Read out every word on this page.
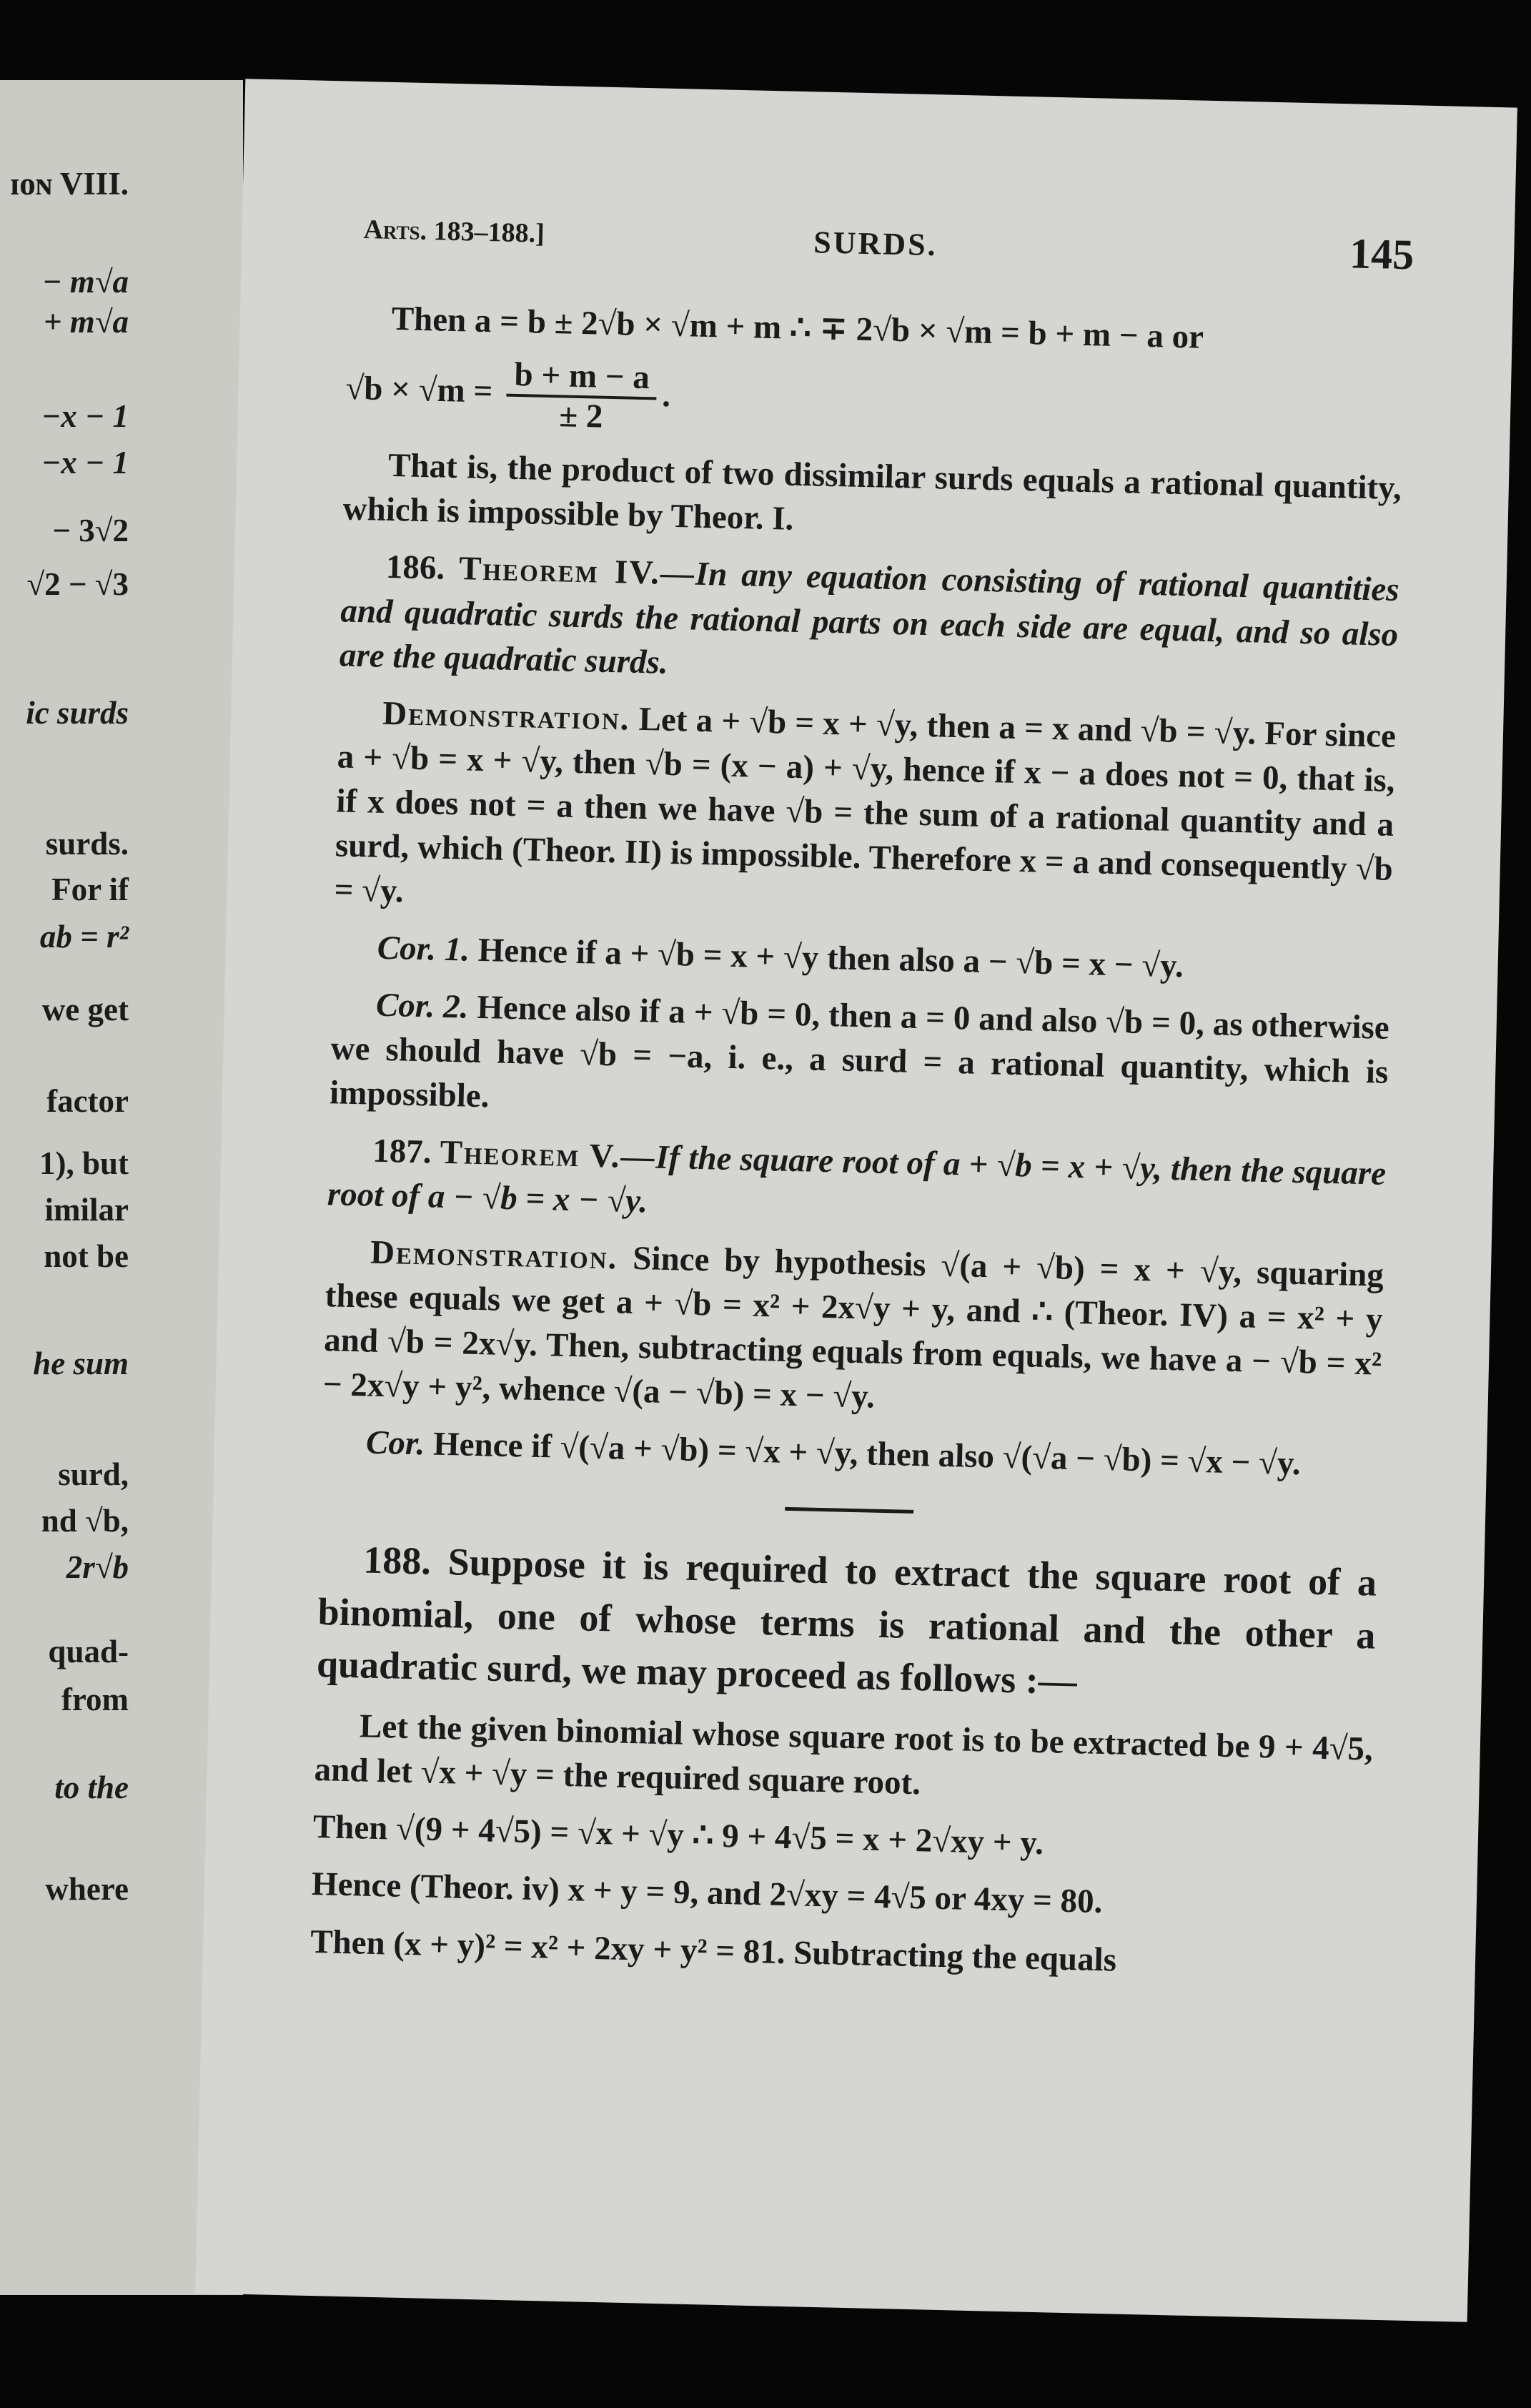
ɪᴏɴ VIII.
− m√a
+ m√a
−x − 1
−x − 1
− 3√2
√2 − √3
ic surds
surds.
For if
ab = r²
we get
factor
1), but
imilar
not be
he sum
surd,
nd √b,
2r√b
quad-
from
to the
where
Arts. 183–188.]	SURDS.	145

Then a = b ± 2√b × √m + m ∴ ∓ 2√b × √m = b + m − a or

$√b \times √m = \frac{b + m - a}{\pm 2}$ .

That is, the product of two dissimilar surds equals a rational quantity, which is impossible by Theor. I.

186. Theorem IV.—In any equation consisting of rational quantities and quadratic surds the rational parts on each side are equal, and so also are the quadratic surds.

Demonstration. Let a + √b = x + √y, then a = x and √b = √y. For since a + √b = x + √y, then √b = (x − a) + √y, hence if x − a does not = 0, that is, if x does not = a then we have √b = the sum of a rational quantity and a surd, which (Theor. II) is impossible. Therefore x = a and consequently √b = √y.

Cor. 1. Hence if a + √b = x + √y then also a − √b = x − √y.

Cor. 2. Hence also if a + √b = 0, then a = 0 and also √b = 0, as otherwise we should have √b = −a, i. e., a surd = a rational quantity, which is impossible.

187. Theorem V.—If the square root of a + √b = x + √y, then the square root of a − √b = x − √y.

Demonstration. Since by hypothesis √(a + √b) = x + √y, squaring these equals we get a + √b = x² + 2x√y + y, and ∴ (Theor. IV) a = x² + y and √b = 2x√y. Then, subtracting equals from equals, we have a − √b = x² − 2x√y + y², whence √(a − √b) = x − √y.

Cor. Hence if √(√a + √b) = √x + √y, then also √(√a − √b) = √x − √y.

188. Suppose it is required to extract the square root of a binomial, one of whose terms is rational and the other a quadratic surd, we may proceed as follows :—

Let the given binomial whose square root is to be extracted be 9 + 4√5, and let √x + √y = the required square root.

Then √(9 + 4√5) = √x + √y ∴ 9 + 4√5 = x + 2√xy + y.

Hence (Theor. iv) x + y = 9, and 2√xy = 4√5 or 4xy = 80.

Then (x + y)² = x² + 2xy + y² = 81. Subtracting the equals
